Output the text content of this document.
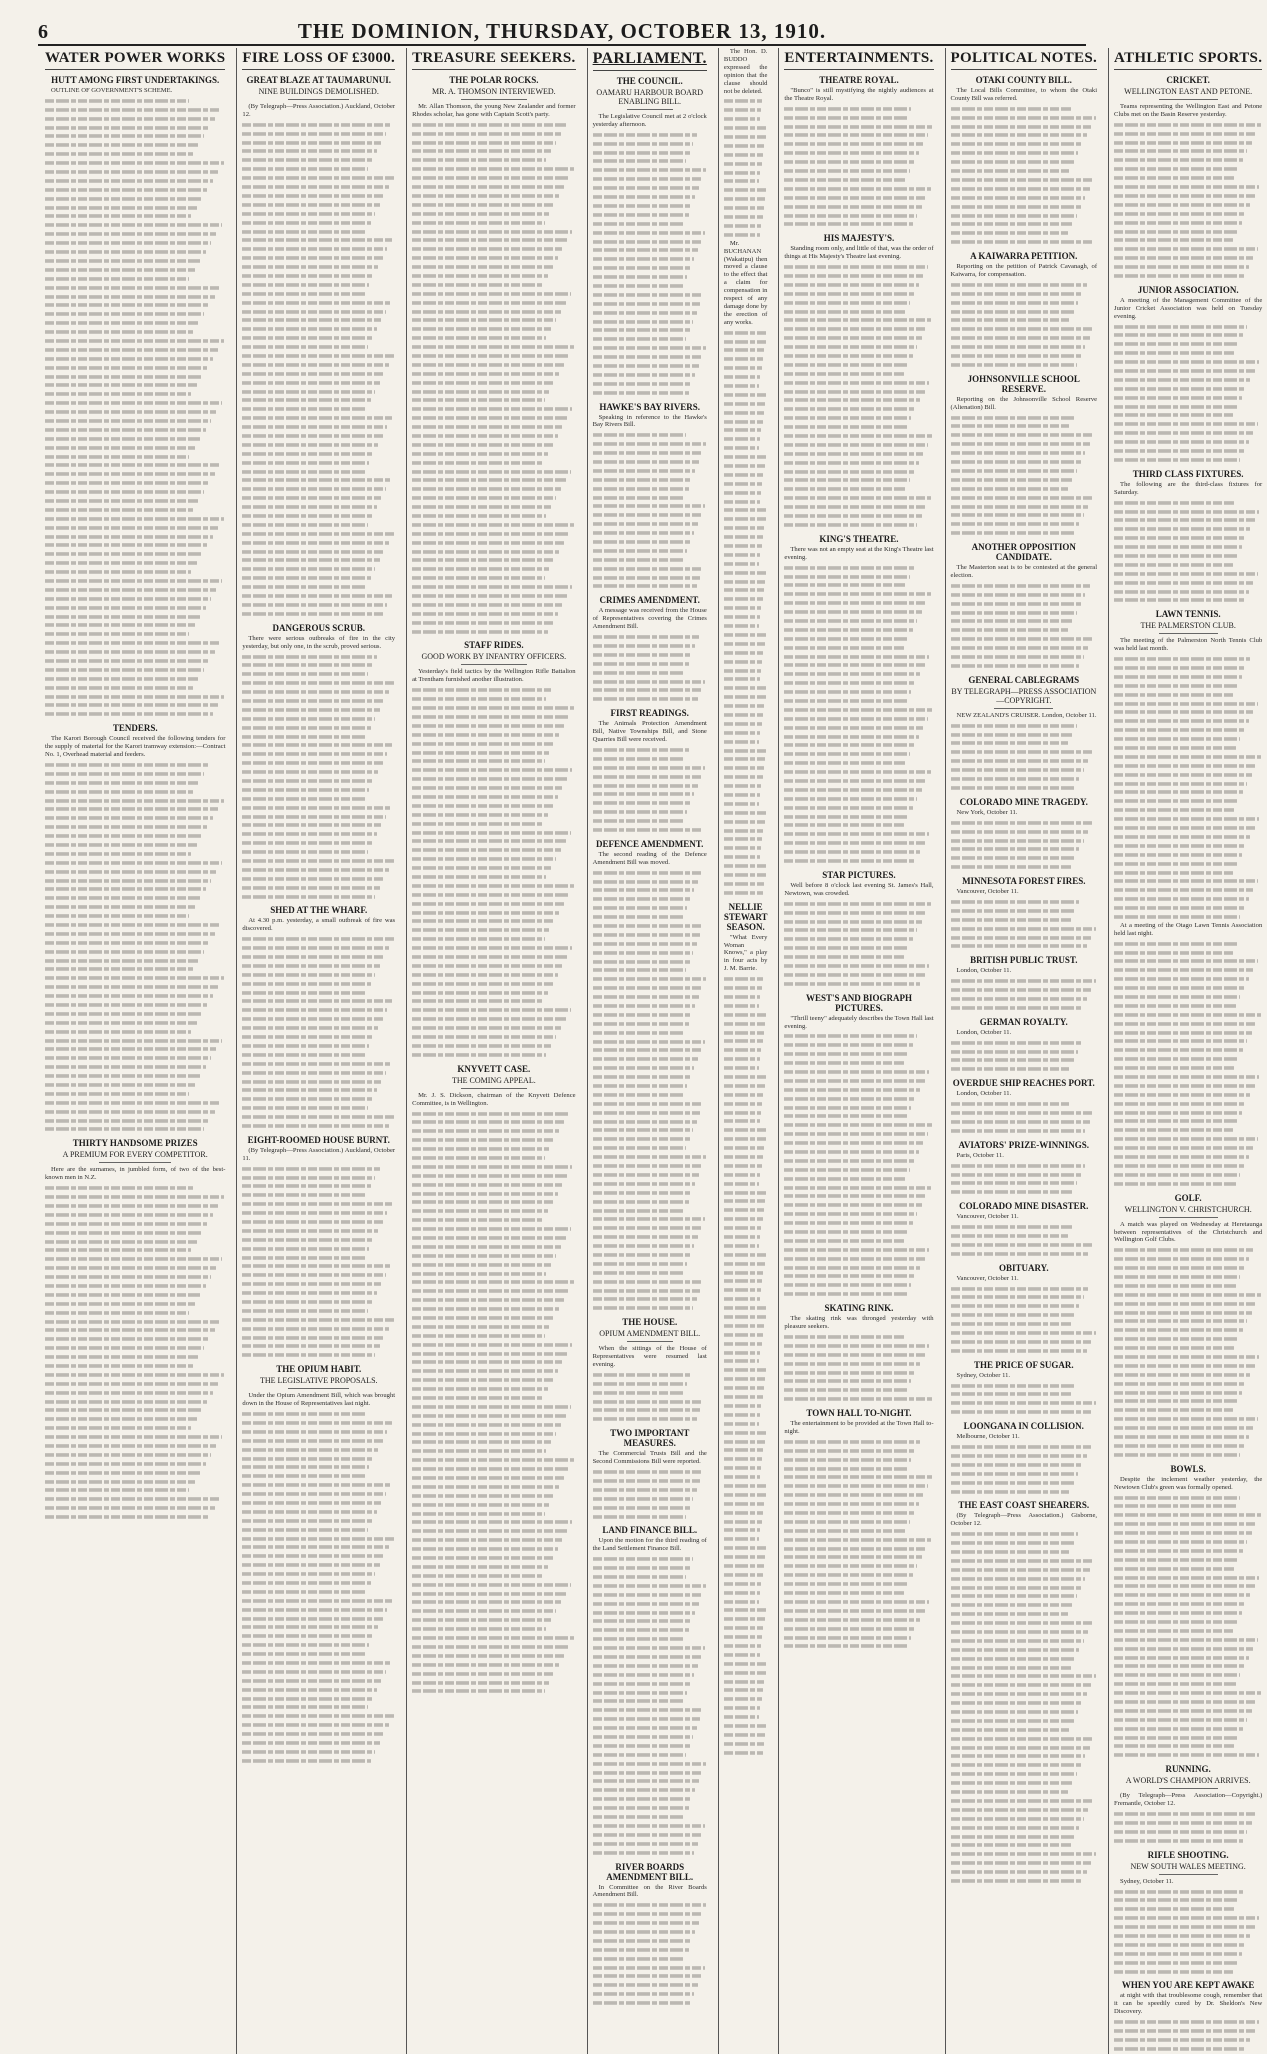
6	THE DOMINION, THURSDAY, OCTOBER 13, 1910.
WATER POWER WORKS
HUTT AMONG FIRST UNDERTAKINGS.

OUTLINE OF GOVERNMENT'S SCHEME.

TENDERS.

The Karori Borough Council received the following tenders for the supply of material for the Karori tramway extension:—Contract No. 1, Overhead material and feeders.

THIRTY HANDSOME PRIZES
A PREMIUM FOR EVERY COMPETITOR.

Here are the surnames, in jumbled form, of two of the best-known men in N.Z.

FIRE LOSS OF £3000.
GREAT BLAZE AT TAUMARUNUI.
NINE BUILDINGS DEMOLISHED.

(By Telegraph—Press Association.) Auckland, October 12.

DANGEROUS SCRUB.

There were serious outbreaks of fire in the city yesterday, but only one, in the scrub, proved serious.

SHED AT THE WHARF.

At 4.30 p.m. yesterday, a small outbreak of fire was discovered.

EIGHT-ROOMED HOUSE BURNT.

(By Telegraph—Press Association.) Auckland, October 11.

THE OPIUM HABIT.
THE LEGISLATIVE PROPOSALS.

Under the Opium Amendment Bill, which was brought down in the House of Representatives last night.

TREASURE SEEKERS.
THE POLAR ROCKS.
MR. A. THOMSON INTERVIEWED.

Mr. Allan Thomson, the young New Zealander and former Rhodes scholar, has gone with Captain Scott's party.

STAFF RIDES.
GOOD WORK BY INFANTRY OFFICERS.

Yesterday's field tactics by the Wellington Rifle Battalion at Trentham furnished another illustration.

KNYVETT CASE.
THE COMING APPEAL.

Mr. J. S. Dickson, chairman of the Knyvett Defence Committee, is in Wellington.

PARLIAMENT.
THE COUNCIL.
OAMARU HARBOUR BOARD ENABLING BILL.

The Legislative Council met at 2 o'clock yesterday afternoon.

HAWKE'S BAY RIVERS.

Speaking in reference to the Hawke's Bay Rivers Bill.

CRIMES AMENDMENT.

A message was received from the House of Representatives covering the Crimes Amendment Bill.

FIRST READINGS.

The Animals Protection Amendment Bill, Native Townships Bill, and Stone Quarries Bill were received.

DEFENCE AMENDMENT.

The second reading of the Defence Amendment Bill was moved.

THE HOUSE.
OPIUM AMENDMENT BILL.

When the sittings of the House of Representatives were resumed last evening.

TWO IMPORTANT MEASURES.

The Commercial Trusts Bill and the Second Commissions Bill were reported.

LAND FINANCE BILL.

Upon the motion for the third reading of the Land Settlement Finance Bill.

RIVER BOARDS AMENDMENT BILL.

In Committee on the River Boards Amendment Bill.

The Hon. D. BUDDO expressed the opinion that the clause should not be deleted.

Mr. BUCHANAN (Wakatipu) then moved a clause to the effect that a claim for compensation in respect of any damage done by the erection of any works.

NELLIE STEWART SEASON.

"What Every Woman Knows," a play in four acts by J. M. Barrie.

ENTERTAINMENTS.
THEATRE ROYAL.

"Bunco" is still mystifying the nightly audiences at the Theatre Royal.

HIS MAJESTY'S.

Standing room only, and little of that, was the order of things at His Majesty's Theatre last evening.

KING'S THEATRE.

There was not an empty seat at the King's Theatre last evening.

STAR PICTURES.

Well before 8 o'clock last evening St. James's Hall, Newtown, was crowded.

WEST'S AND BIOGRAPH PICTURES.

"Thrill teeny" adequately describes the Town Hall last evening.

SKATING RINK.

The skating rink was thronged yesterday with pleasure seekers.

TOWN HALL TO-NIGHT.

The entertainment to be provided at the Town Hall to-night.

POLITICAL NOTES.
OTAKI COUNTY BILL.

The Local Bills Committee, to whom the Otaki County Bill was referred.

A KAIWARRA PETITION.

Reporting on the petition of Patrick Cavanagh, of Kaiwarra, for compensation.

JOHNSONVILLE SCHOOL RESERVE.

Reporting on the Johnsonville School Reserve (Alienation) Bill.

ANOTHER OPPOSITION CANDIDATE.

The Masterton seat is to be contested at the general election.

GENERAL CABLEGRAMS
BY TELEGRAPH—PRESS ASSOCIATION—COPYRIGHT.

NEW ZEALAND'S CRUISER. London, October 11.

COLORADO MINE TRAGEDY.

New York, October 11.

MINNESOTA FOREST FIRES.

Vancouver, October 11.

BRITISH PUBLIC TRUST.

London, October 11.

GERMAN ROYALTY.

London, October 11.

OVERDUE SHIP REACHES PORT.

London, October 11.

AVIATORS' PRIZE-WINNINGS.

Paris, October 11.

COLORADO MINE DISASTER.

Vancouver, October 11.

OBITUARY.

Vancouver, October 11.

THE PRICE OF SUGAR.

Sydney, October 11.

LOONGANA IN COLLISION.

Melbourne, October 11.

THE EAST COAST SHEARERS.

(By Telegraph—Press Association.) Gisborne, October 12.

ATHLETIC SPORTS.
CRICKET.
WELLINGTON EAST AND PETONE.

Teams representing the Wellington East and Petone Clubs met on the Basin Reserve yesterday.

JUNIOR ASSOCIATION.

A meeting of the Management Committee of the Junior Cricket Association was held on Tuesday evening.

THIRD CLASS FIXTURES.

The following are the third-class fixtures for Saturday.

LAWN TENNIS.
THE PALMERSTON CLUB.

The meeting of the Palmerston North Tennis Club was held last month.

At a meeting of the Otago Lawn Tennis Association held last night.

GOLF.
WELLINGTON V. CHRISTCHURCH.

A match was played on Wednesday at Heretaunga between representatives of the Christchurch and Wellington Golf Clubs.

BOWLS.

Despite the inclement weather yesterday, the Newtown Club's green was formally opened.

RUNNING.
A WORLD'S CHAMPION ARRIVES.

(By Telegraph—Press Association—Copyright.) Fremantle, October 12.

RIFLE SHOOTING.
NEW SOUTH WALES MEETING.

Sydney, October 11.

WHEN YOU ARE KEPT AWAKE

at night with that troublesome cough, remember that it can be speedily cured by Dr. Sheldon's New Discovery.
